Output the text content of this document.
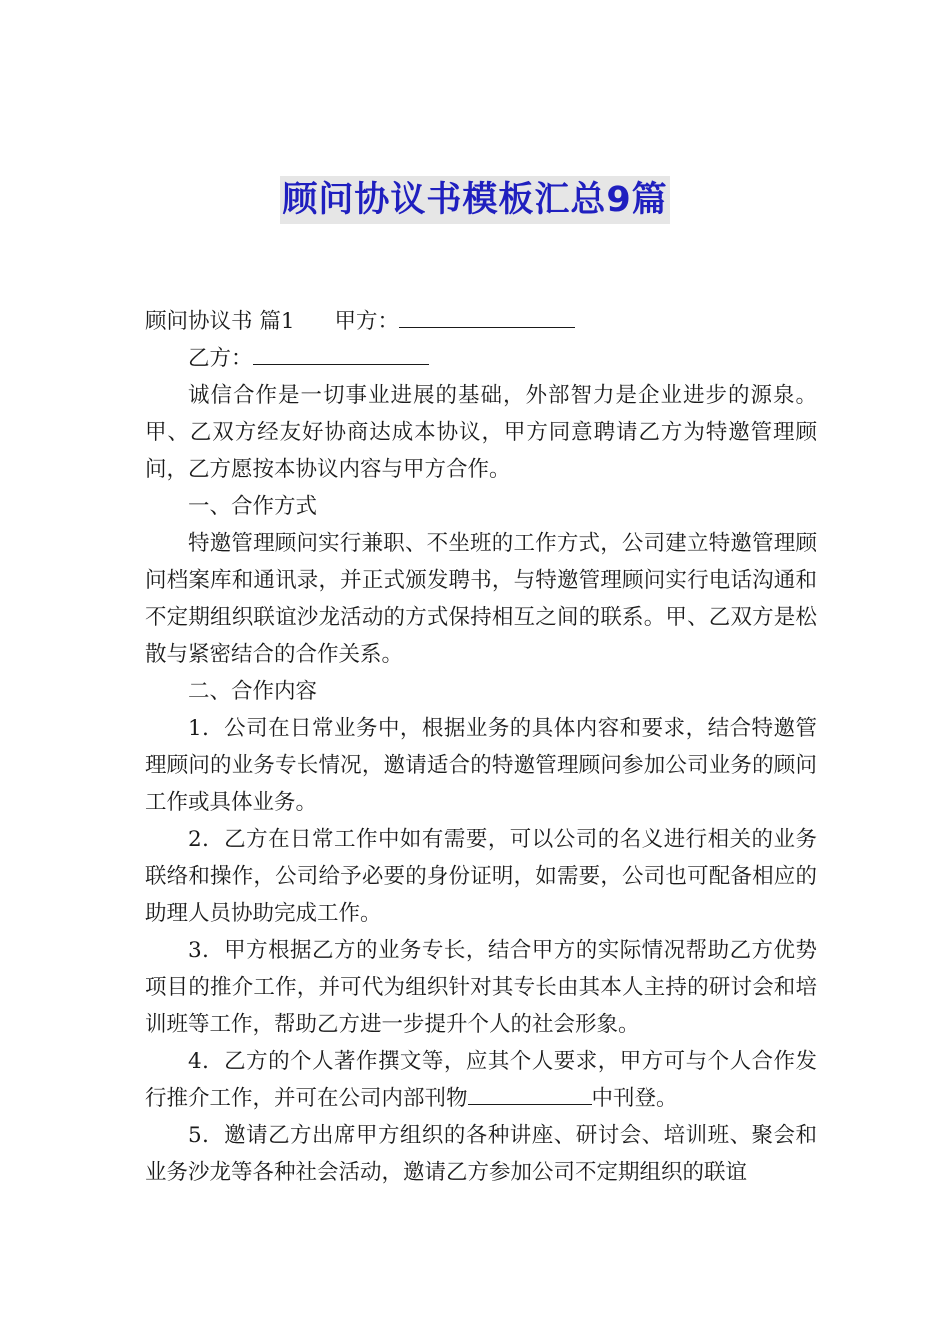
顾问协议书模板汇总9篇

顾问协议书 篇1 甲方：

乙方：

诚信合作是一切事业进展的基础，外部智力是企业进步的源泉。甲、乙双方经友好协商达成本协议，甲方同意聘请乙方为特邀管理顾问，乙方愿按本协议内容与甲方合作。

一、合作方式

特邀管理顾问实行兼职、不坐班的工作方式，公司建立特邀管理顾问档案库和通讯录，并正式颁发聘书，与特邀管理顾问实行电话沟通和不定期组织联谊沙龙活动的方式保持相互之间的联系。甲、乙双方是松散与紧密结合的合作关系。

二、合作内容

1．公司在日常业务中，根据业务的具体内容和要求，结合特邀管理顾问的业务专长情况，邀请适合的特邀管理顾问参加公司业务的顾问工作或具体业务。

2．乙方在日常工作中如有需要，可以公司的名义进行相关的业务联络和操作，公司给予必要的身份证明，如需要，公司也可配备相应的助理人员协助完成工作。

3．甲方根据乙方的业务专长，结合甲方的实际情况帮助乙方优势项目的推介工作，并可代为组织针对其专长由其本人主持的研讨会和培训班等工作，帮助乙方进一步提升个人的社会形象。

4．乙方的个人著作撰文等，应其个人要求，甲方可与个人合作发行推介工作，并可在公司内部刊物	中刊登。

5．邀请乙方出席甲方组织的各种讲座、研讨会、培训班、聚会和业务沙龙等各种社会活动，邀请乙方参加公司不定期组织的联谊
